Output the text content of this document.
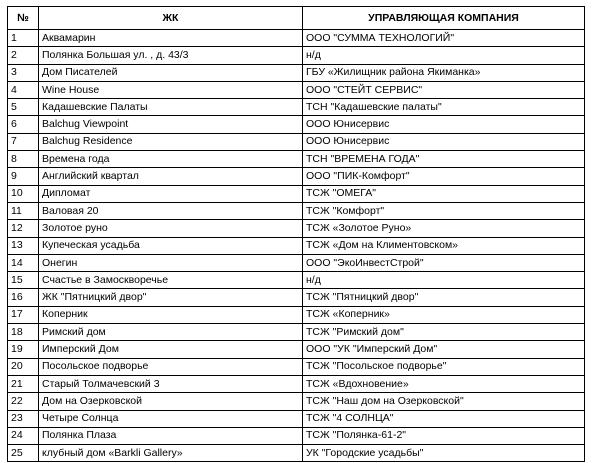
№	ЖК	УПРАВЛЯЮЩАЯ КОМПАНИЯ
1	Аквамарин	ООО "СУММА ТЕХНОЛОГИЙ"
2	Полянка Большая ул. , д. 43/3	н/д
3	Дом Писателей	ГБУ «Жилищник района Якиманка»
4	Wine House	ООО "СТЕЙТ СЕРВИС"
5	Кадашевские Палаты	ТСН "Кадашевские палаты"
6	Balchug Viewpoint	ООО Юнисервис
7	Balchug Residence	ООО Юнисервис
8	Времена года	ТСН "ВРЕМЕНА ГОДА"
9	Английский квартал	ООО "ПИК-Комфорт"
10	Дипломат	ТСЖ "ОМЕГА"
11	Валовая 20	ТСЖ "Комфорт"
12	Золотое руно	ТСЖ «Золотое Руно»
13	Купеческая усадьба	ТСЖ «Дом на Климентовском»
14	Онегин	ООО "ЭкоИнвестСтрой"
15	Счастье в Замоскворечье	н/д
16	ЖК "Пятницкий двор"	ТСЖ "Пятницкий двор"
17	Коперник	ТСЖ «Коперник»
18	Римский дом	ТСЖ "Римский дом"
19	Имперский Дом	ООО "УК "Имперский Дом"
20	Посольское подворье	ТСЖ "Посольское подворье"
21	Старый Толмачевский 3	ТСЖ «Вдохновение»
22	Дом на Озерковской	ТСЖ "Наш дом на Озерковской"
23	Четыре Солнца	ТСЖ "4 СОЛНЦА"
24	Полянка Плаза	ТСЖ "Полянка-61-2"
25	клубный дом «Barkli Gallery»	УК "Городские усадьбы"
